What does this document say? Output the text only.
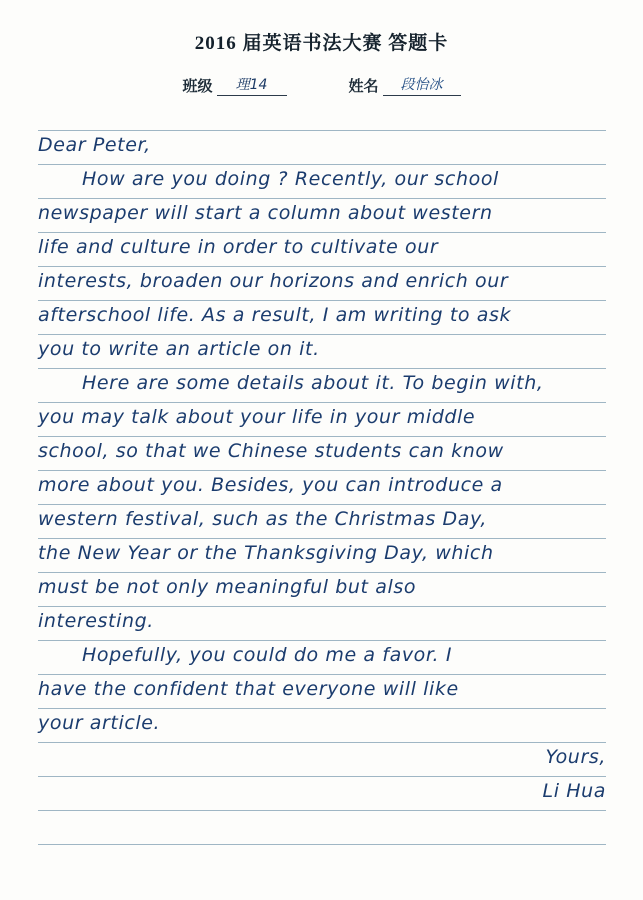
2016 届英语书法大赛 答题卡
班级	理14	姓名	段怡冰
Dear Peter,
How are you doing ? Recently, our school
newspaper will start a column about western
life and culture in order to cultivate our
interests, broaden our horizons and enrich our
afterschool life. As a result, I am writing to ask
you to write an article on it.
Here are some details about it. To begin with,
you may talk about your life in your middle
school, so that we Chinese students can know
more about you. Besides, you can introduce a
western festival, such as the Christmas Day,
the New Year or the Thanksgiving Day, which
must be not only meaningful but also
interesting.
Hopefully, you could do me a favor. I
have the confident that everyone will like
your article.
Yours,
Li Hua
